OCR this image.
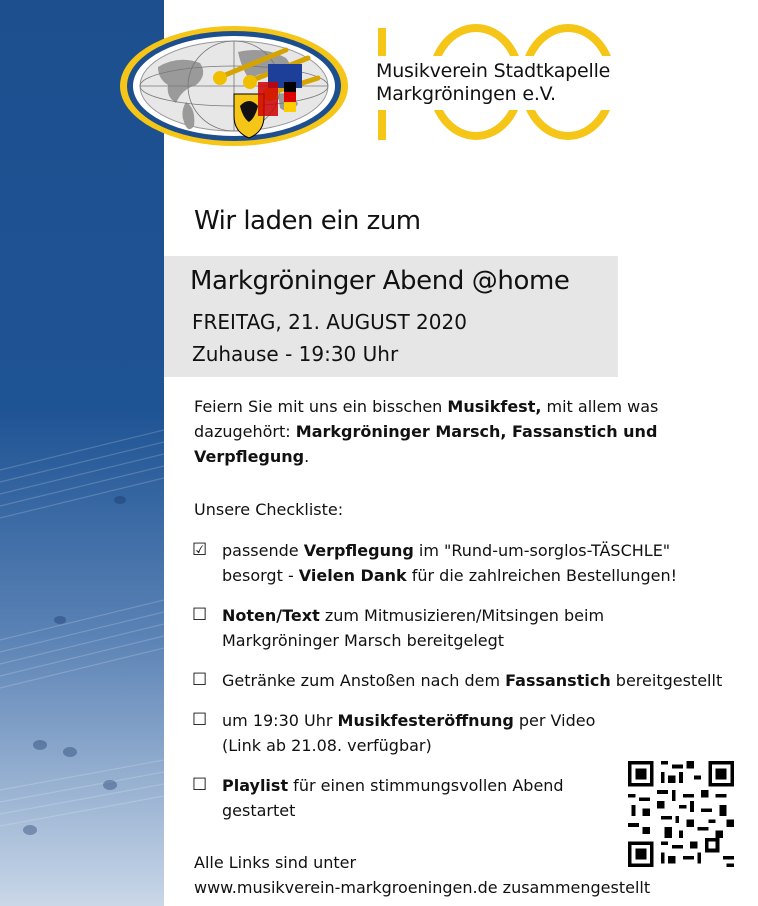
100
Musikverein Stadtkapelle
Markgröningen e.V.
Wir laden ein zum
Markgröninger Abend @home
FREITAG, 21. AUGUST 2020
Zuhause - 19:30 Uhr
Feiern Sie mit uns ein bisschen Musikfest, mit allem was dazugehört: Markgröninger Marsch, Fassanstich und Verpflegung.
Unsere Checkliste:
☑ passende Verpflegung im "Rund-um-sorglos-TÄSCHLE"
besorgt - Vielen Dank für die zahlreichen Bestellungen!
☐ Noten/Text zum Mitmusizieren/Mitsingen beim
Markgröninger Marsch bereitgelegt
☐ Getränke zum Anstoßen nach dem Fassanstich bereitgestellt
☐ um 19:30 Uhr Musikfesteröffnung per Video
(Link ab 21.08. verfügbar)
☐ Playlist für einen stimmungsvollen Abend
gestartet
Alle Links sind unter
www.musikverein-markgroeningen.de zusammengestellt
